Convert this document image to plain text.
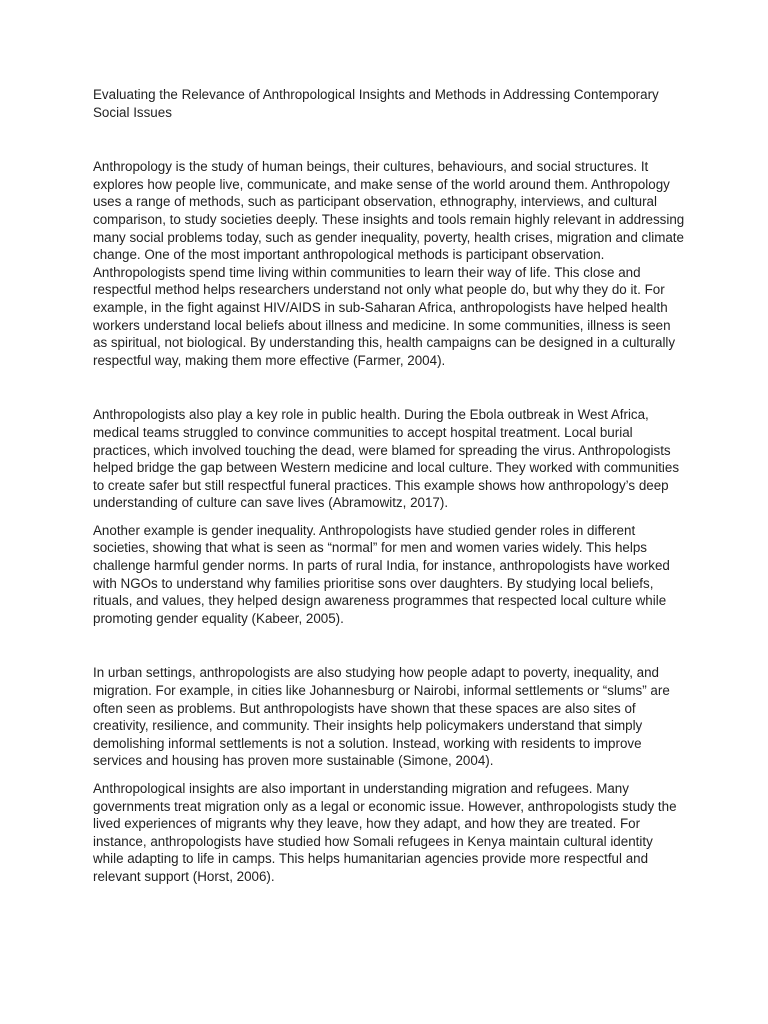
Evaluating the Relevance of Anthropological Insights and Methods in Addressing Contemporary Social Issues

Anthropology is the study of human beings, their cultures, behaviours, and social structures. It explores how people live, communicate, and make sense of the world around them. Anthropology uses a range of methods, such as participant observation, ethnography, interviews, and cultural comparison, to study societies deeply. These insights and tools remain highly relevant in addressing many social problems today, such as gender inequality, poverty, health crises, migration and climate change. One of the most important anthropological methods is participant observation. Anthropologists spend time living within communities to learn their way of life. This close and respectful method helps researchers understand not only what people do, but why they do it. For example, in the fight against HIV/AIDS in sub-Saharan Africa, anthropologists have helped health workers understand local beliefs about illness and medicine. In some communities, illness is seen as spiritual, not biological. By understanding this, health campaigns can be designed in a culturally respectful way, making them more effective (Farmer, 2004).

Anthropologists also play a key role in public health. During the Ebola outbreak in West Africa, medical teams struggled to convince communities to accept hospital treatment. Local burial practices, which involved touching the dead, were blamed for spreading the virus. Anthropologists helped bridge the gap between Western medicine and local culture. They worked with communities to create safer but still respectful funeral practices. This example shows how anthropology’s deep understanding of culture can save lives (Abramowitz, 2017).

Another example is gender inequality. Anthropologists have studied gender roles in different societies, showing that what is seen as “normal” for men and women varies widely. This helps challenge harmful gender norms. In parts of rural India, for instance, anthropologists have worked with NGOs to understand why families prioritise sons over daughters. By studying local beliefs, rituals, and values, they helped design awareness programmes that respected local culture while promoting gender equality (Kabeer, 2005).

In urban settings, anthropologists are also studying how people adapt to poverty, inequality, and migration. For example, in cities like Johannesburg or Nairobi, informal settlements or “slums” are often seen as problems. But anthropologists have shown that these spaces are also sites of creativity, resilience, and community. Their insights help policymakers understand that simply demolishing informal settlements is not a solution. Instead, working with residents to improve services and housing has proven more sustainable (Simone, 2004).

Anthropological insights are also important in understanding migration and refugees. Many governments treat migration only as a legal or economic issue. However, anthropologists study the lived experiences of migrants why they leave, how they adapt, and how they are treated. For instance, anthropologists have studied how Somali refugees in Kenya maintain cultural identity while adapting to life in camps. This helps humanitarian agencies provide more respectful and relevant support (Horst, 2006).
